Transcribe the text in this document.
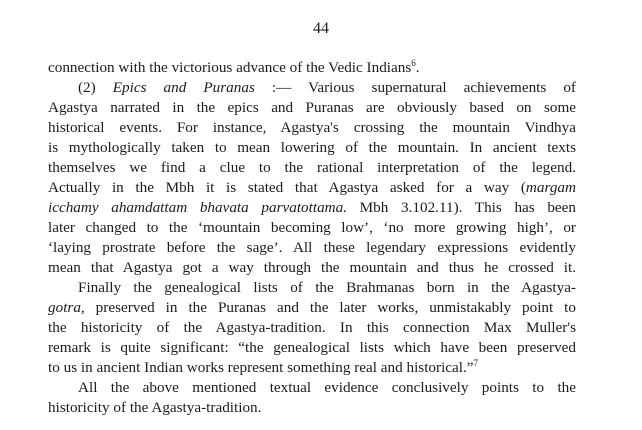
44
connection with the victorious advance of the Vedic Indians$^6$.
(2) Epics and Puranas :— Various supernatural achievements of
Agastya narrated in the epics and Puranas are obviously based on some
historical events. For instance, Agastya's crossing the mountain Vindhya
is mythologically taken to mean lowering of the mountain. In ancient texts
themselves we find a clue to the rational interpretation of the legend.
Actually in the Mbh it is stated that Agastya asked for a way (margam
icchamy ahamdattam bhavata parvatottama. Mbh 3.102.11). This has been
later changed to the ‘mountain becoming low’, ‘no more growing high’, or
‘laying prostrate before the sage’. All these legendary expressions evidently
mean that Agastya got a way through the mountain and thus he crossed it.
Finally the genealogical lists of the Brahmanas born in the Agastya-
gotra, preserved in the Puranas and the later works, unmistakably point to
the historicity of the Agastya-tradition. In this connection Max Muller's
remark is quite significant: “the genealogical lists which have been preserved
to us in ancient Indian works represent something real and historical.”$^7$
All the above mentioned textual evidence conclusively points to the
historicity of the Agastya-tradition.
